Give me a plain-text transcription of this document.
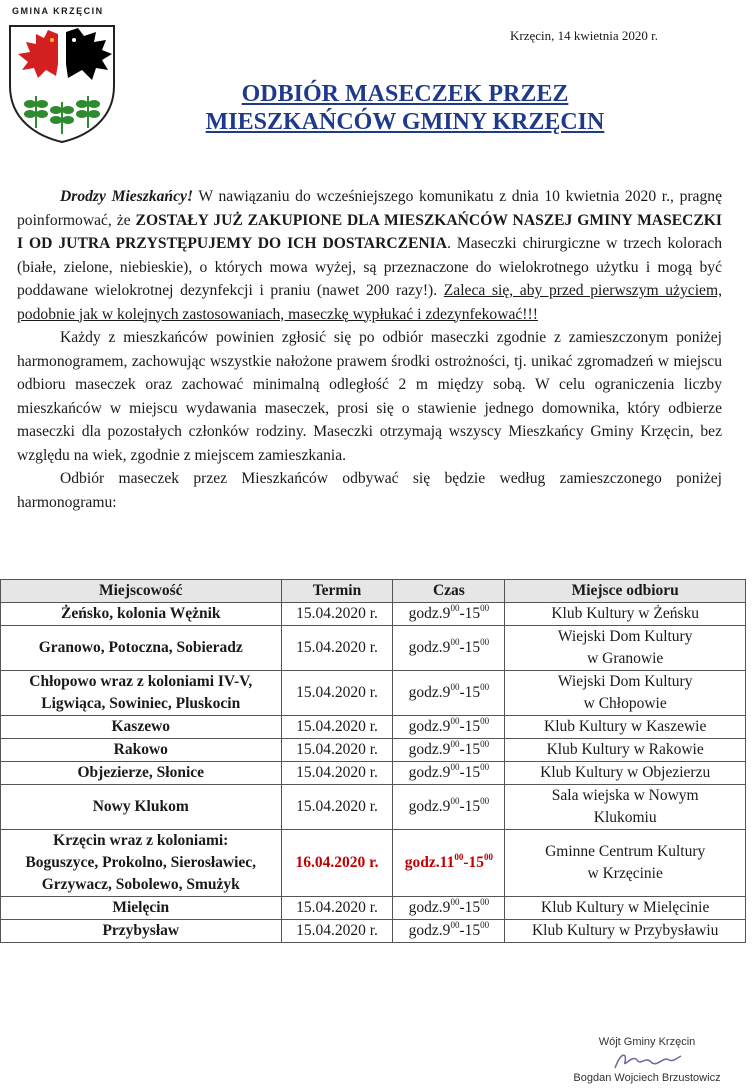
GMINA KRZĘCIN
Krzęcin, 14 kwietnia 2020 r.
ODBIÓR MASECZEK PRZEZ
MIESZKAŃCÓW GMINY KRZĘCIN

Drodzy Mieszkańcy! W nawiązaniu do wcześniejszego komunikatu z dnia 10 kwietnia 2020 r., pragnę poinformować, że ZOSTAŁY JUŻ ZAKUPIONE DLA MIESZKAŃCÓW NASZEJ GMINY MASECZKI I OD JUTRA PRZYSTĘPUJEMY DO ICH DOSTARCZENIA. Maseczki chirurgiczne w trzech kolorach (białe, zielone, niebieskie), o których mowa wyżej, są przeznaczone do wielokrotnego użytku i mogą być poddawane wielokrotnej dezynfekcji i praniu (nawet 200 razy!). Zaleca się, aby przed pierwszym użyciem, podobnie jak w kolejnych zastosowaniach, maseczkę wypłukać i zdezynfekować!!!

Każdy z mieszkańców powinien zgłosić się po odbiór maseczki zgodnie z zamieszczonym poniżej harmonogramem, zachowując wszystkie nałożone prawem środki ostrożności, tj. unikać zgromadzeń w miejscu odbioru maseczek oraz zachować minimalną odległość 2 m między sobą. W celu ograniczenia liczby mieszkańców w miejscu wydawania maseczek, prosi się o stawienie jednego domownika, który odbierze maseczki dla pozostałych członków rodziny. Maseczki otrzymają wszyscy Mieszkańcy Gminy Krzęcin, bez względu na wiek, zgodnie z miejscem zamieszkania.

Odbiór maseczek przez Mieszkańców odbywać się będzie według zamieszczonego poniżej harmonogramu:

Miejscowość	Termin	Czas	Miejsce odbioru
Żeńsko, kolonia Wężnik	15.04.2020 r.	$godz.9^{00}-15^{00}$	Klub Kultury w Żeńsku
Granowo, Potoczna, Sobieradz	15.04.2020 r.	$godz.9^{00}-15^{00}$	Wiejski Dom Kultury
w Granowie
Chłopowo wraz z koloniami IV-V,
Ligwiąca, Sowiniec, Pluskocin	15.04.2020 r.	$godz.9^{00}-15^{00}$	Wiejski Dom Kultury
w Chłopowie
Kaszewo	15.04.2020 r.	$godz.9^{00}-15^{00}$	Klub Kultury w Kaszewie
Rakowo	15.04.2020 r.	$godz.9^{00}-15^{00}$	Klub Kultury w Rakowie
Objezierze, Słonice	15.04.2020 r.	$godz.9^{00}-15^{00}$	Klub Kultury w Objezierzu
Nowy Klukom	15.04.2020 r.	$godz.9^{00}-15^{00}$	Sala wiejska w Nowym
Klukomiu
Krzęcin wraz z koloniami:
Boguszyce, Prokolno, Sierosławiec,
Grzywacz, Sobolewo, Smużyk	16.04.2020 r.	$godz.11^{00}-15^{00}$	Gminne Centrum Kultury
w Krzęcinie
Mielęcin	15.04.2020 r.	$godz.9^{00}-15^{00}$	Klub Kultury w Mielęcinie
Przybysław	15.04.2020 r.	$godz.9^{00}-15^{00}$	Klub Kultury w Przybysławiu
Wójt Gminy Krzęcin
Bogdan Wojciech Brzustowicz
